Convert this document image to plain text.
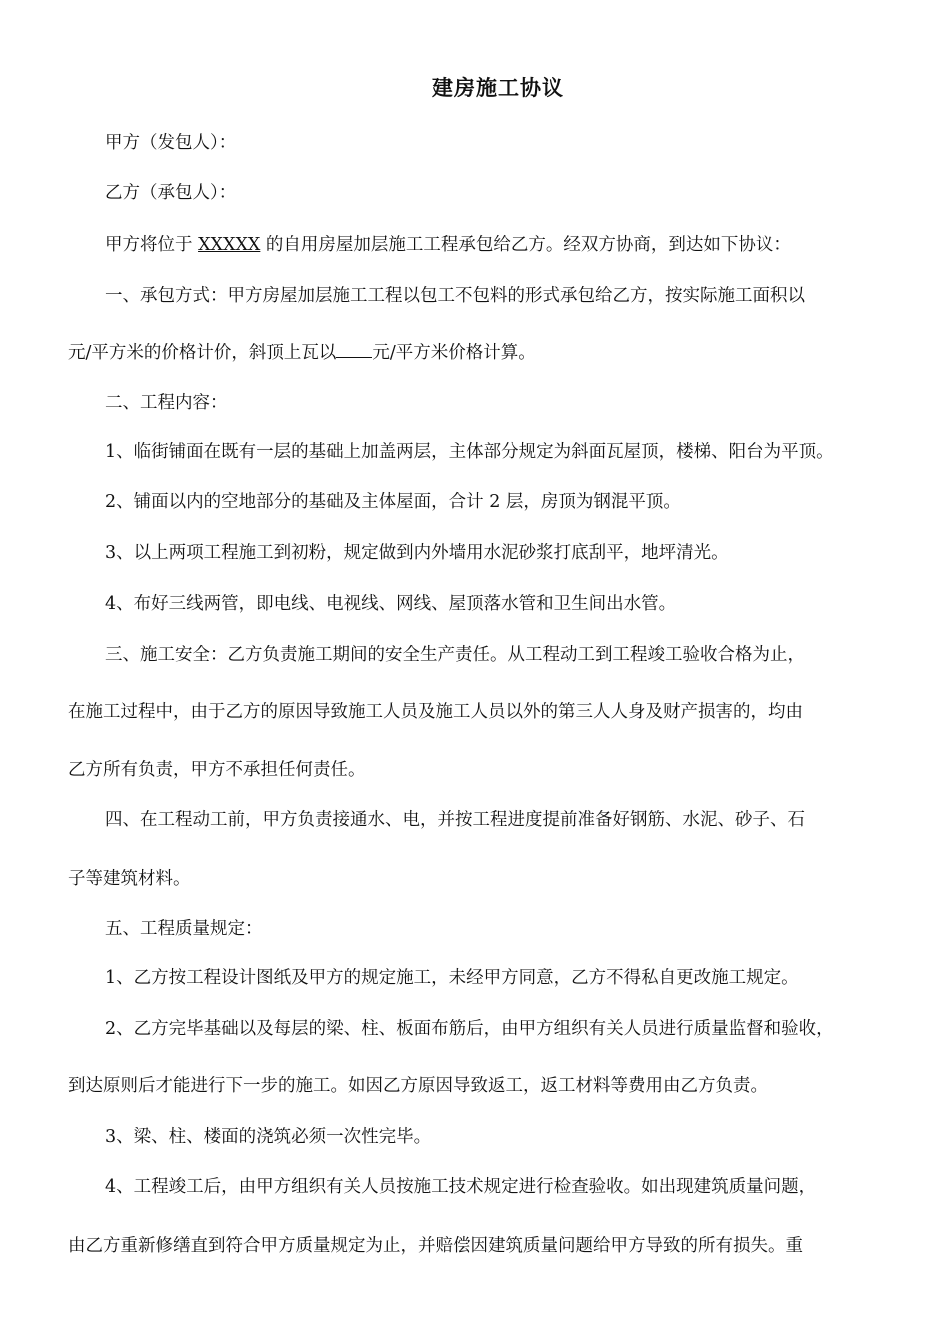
建房施工协议
甲方（发包人）：
乙方（承包人）：
甲方将位于 XXXXX 的自用房屋加层施工工程承包给乙方。经双方协商，到达如下协议：
一、承包方式：甲方房屋加层施工工程以包工不包料的形式承包给乙方，按实际施工面积以
元/平方米的价格计价，斜顶上瓦以 元/平方米价格计算。
二、工程内容：
1、临街铺面在既有一层的基础上加盖两层，主体部分规定为斜面瓦屋顶，楼梯、阳台为平顶。
2、铺面以内的空地部分的基础及主体屋面，合计 2 层，房顶为钢混平顶。
3、以上两项工程施工到初粉，规定做到内外墙用水泥砂浆打底刮平，地坪清光。
4、布好三线两管，即电线、电视线、网线、屋顶落水管和卫生间出水管。
三、施工安全：乙方负责施工期间的安全生产责任。从工程动工到工程竣工验收合格为止，
在施工过程中，由于乙方的原因导致施工人员及施工人员以外的第三人人身及财产损害的，均由
乙方所有负责，甲方不承担任何责任。
四、在工程动工前，甲方负责接通水、电，并按工程进度提前准备好钢筋、水泥、砂子、石
子等建筑材料。
五、工程质量规定：
1、乙方按工程设计图纸及甲方的规定施工，未经甲方同意，乙方不得私自更改施工规定。
2、乙方完毕基础以及每层的梁、柱、板面布筋后，由甲方组织有关人员进行质量监督和验收，
到达原则后才能进行下一步的施工。如因乙方原因导致返工，返工材料等费用由乙方负责。
3、梁、柱、楼面的浇筑必须一次性完毕。
4、工程竣工后，由甲方组织有关人员按施工技术规定进行检查验收。如出现建筑质量问题，
由乙方重新修缮直到符合甲方质量规定为止，并赔偿因建筑质量问题给甲方导致的所有损失。重
